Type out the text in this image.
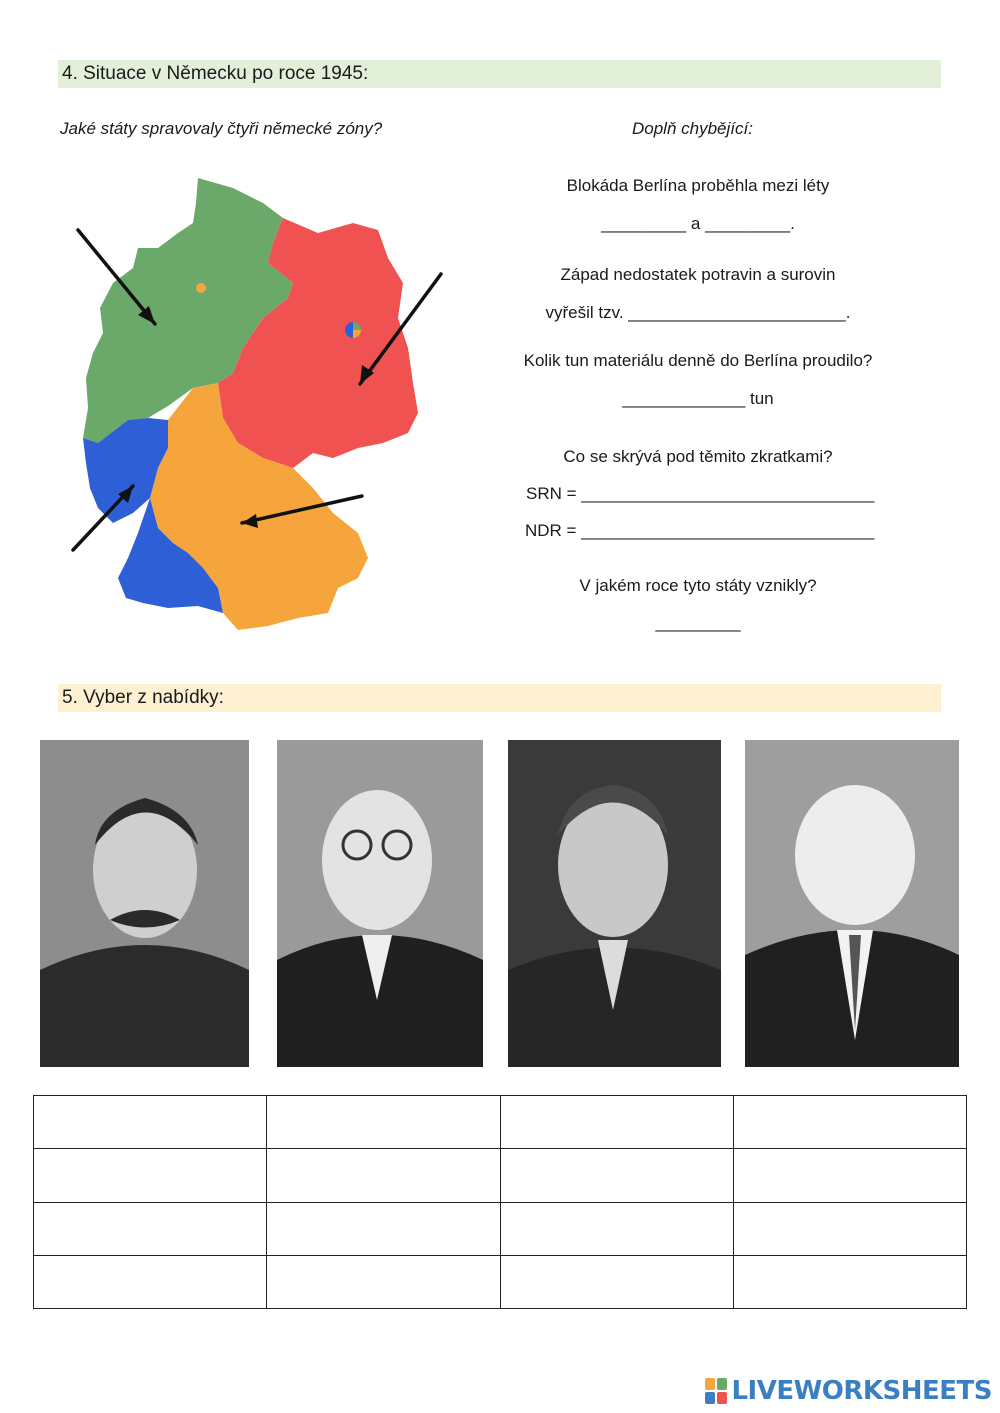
4. Situace v Německu po roce 1945:
Jaké státy spravovaly čtyři německé zóny?	Doplň chybějící:
Blokáda Berlína proběhla mezi léty
_________ a _________.
Západ nedostatek potravin a surovin
vyřešil tzv. _______________________.
Kolik tun materiálu denně do Berlína proudilo?
_____________ tun
Co se skrývá pod těmito zkratkami?
SRN = _______________________________
NDR = _______________________________
V jakém roce tyto státy vznikly?
_________
5. Vyber z nabídky:

LIVEWORKSHEETS
